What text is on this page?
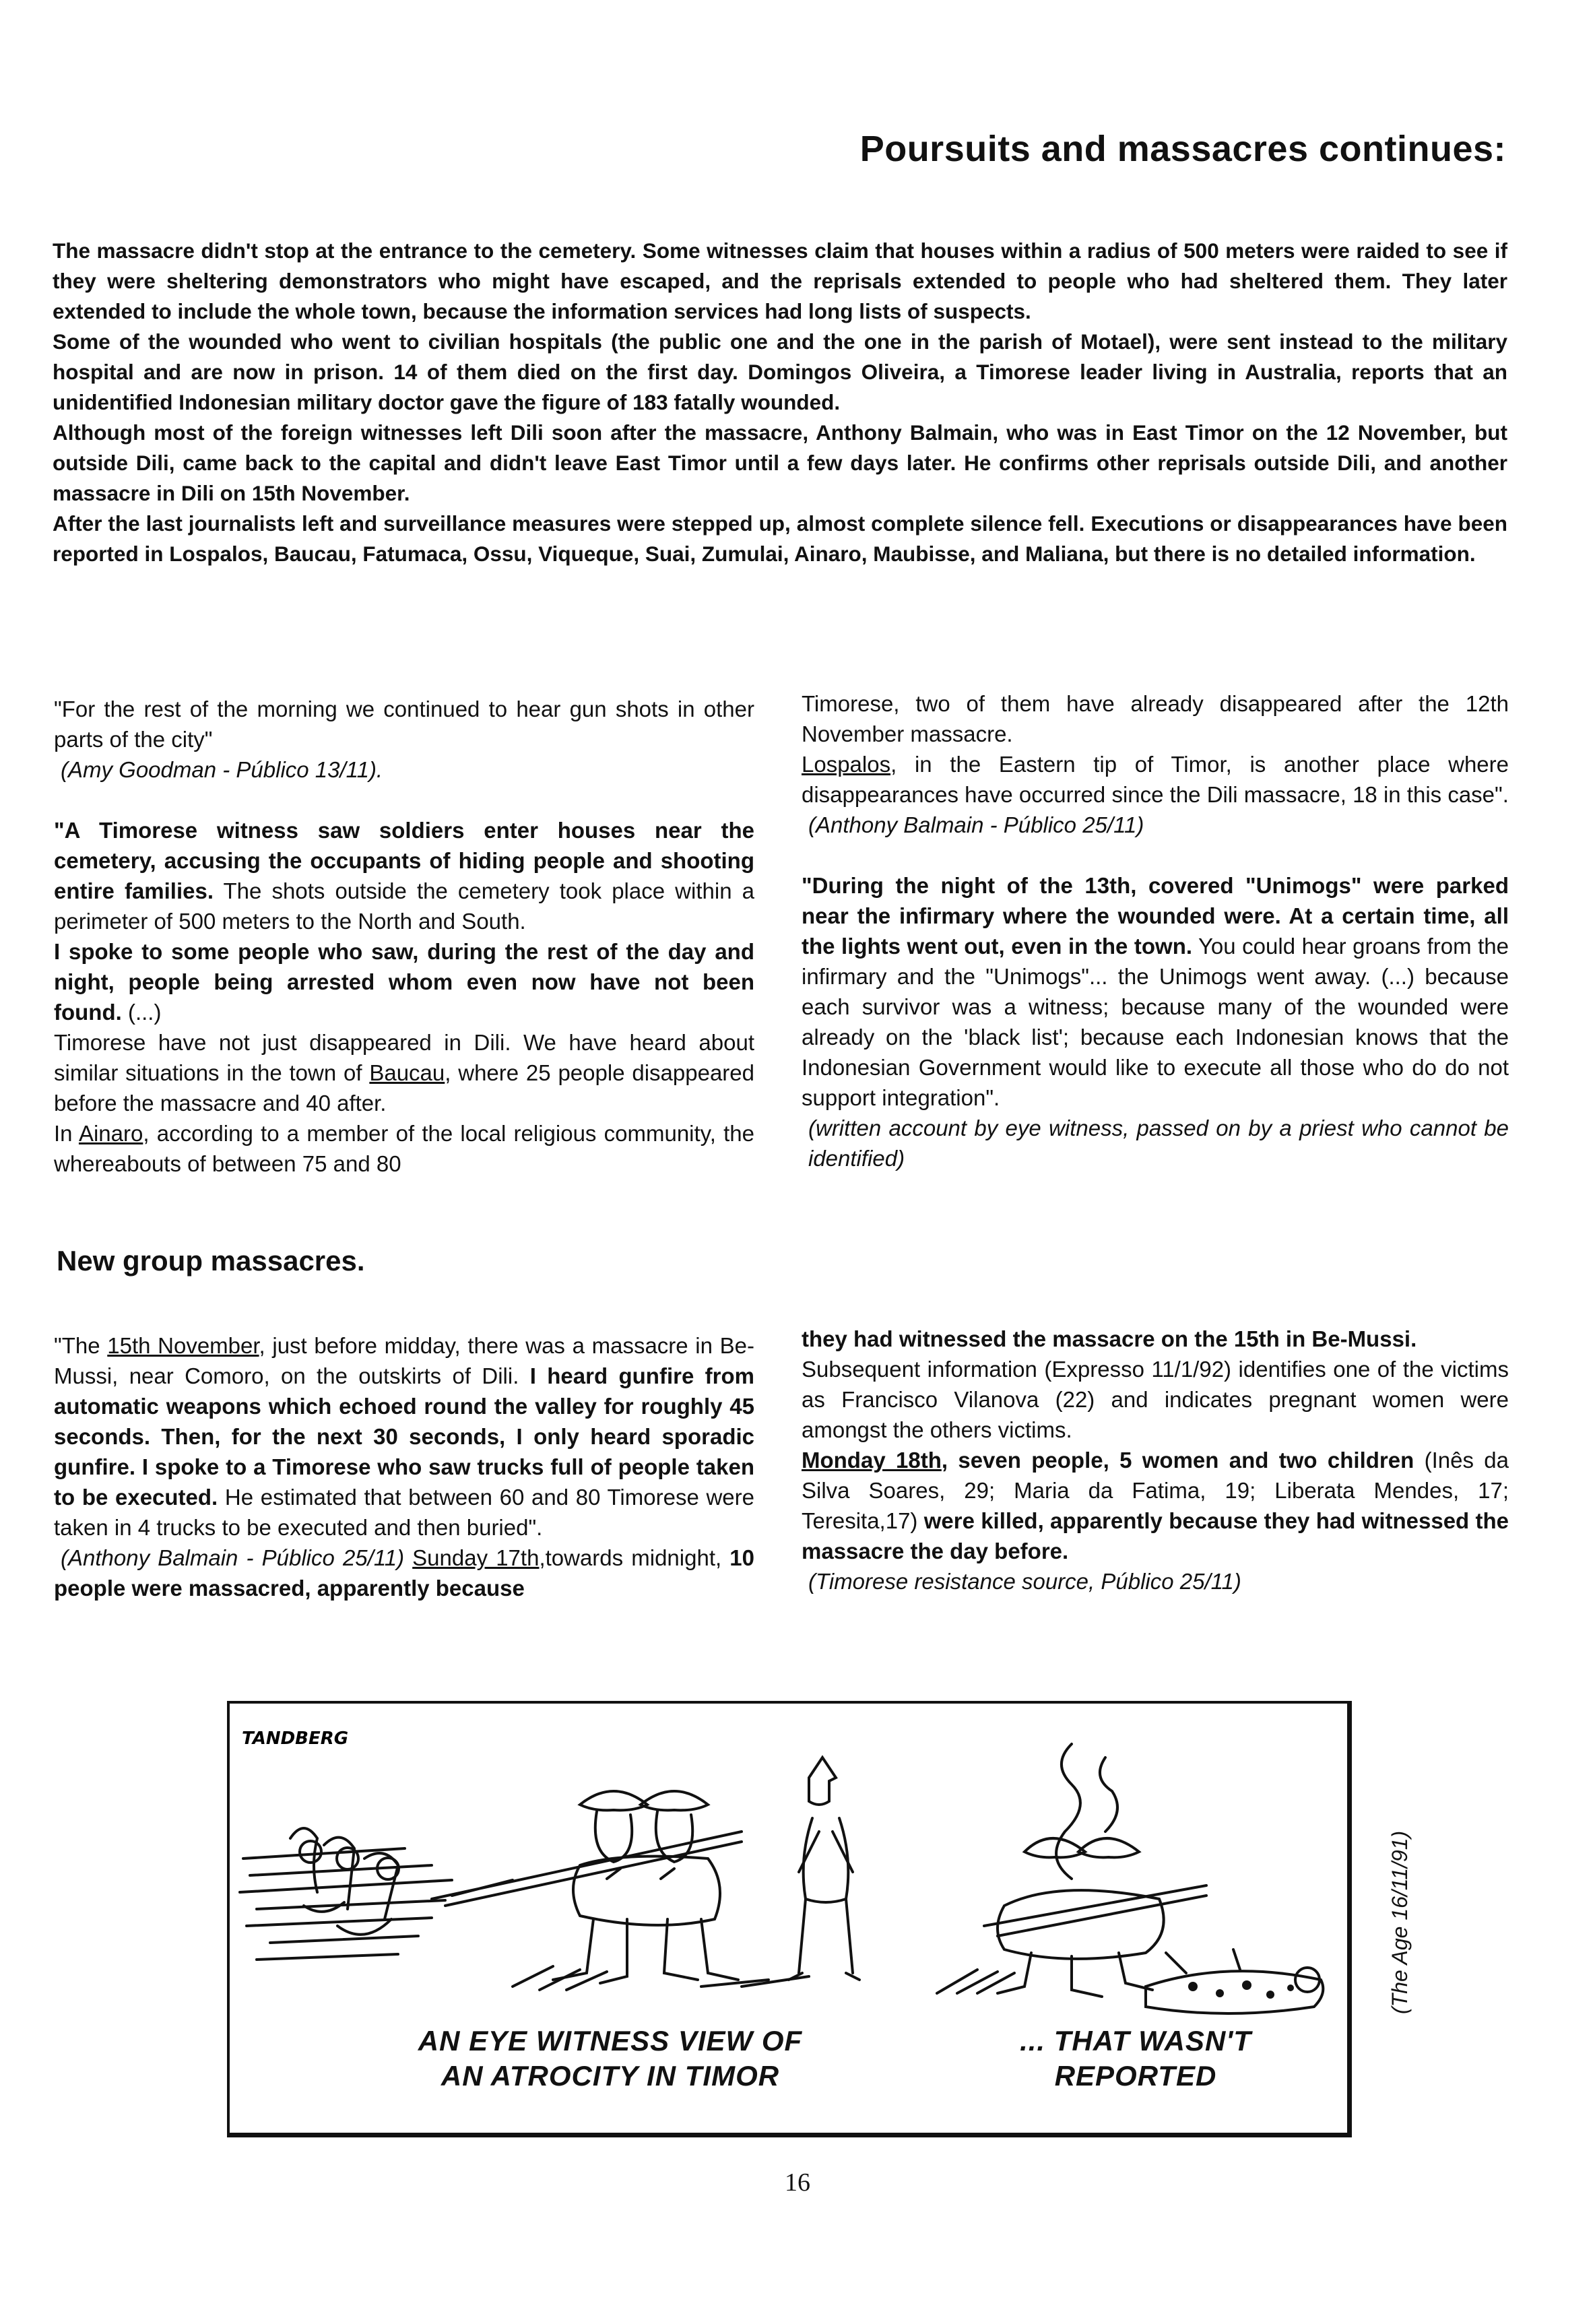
Poursuits and massacres continues:

The massacre didn't stop at the entrance to the cemetery. Some witnesses claim that houses within a radius of 500 meters were raided to see if they were sheltering demonstrators who might have escaped, and the reprisals extended to people who had sheltered them. They later extended to include the whole town, because the information services had long lists of suspects.

Some of the wounded who went to civilian hospitals (the public one and the one in the parish of Motael), were sent instead to the military hospital and are now in prison. 14 of them died on the first day. Domingos Oliveira, a Timorese leader living in Australia, reports that an unidentified Indonesian military doctor gave the figure of 183 fatally wounded.

Although most of the foreign witnesses left Dili soon after the massacre, Anthony Balmain, who was in East Timor on the 12 November, but outside Dili, came back to the capital and didn't leave East Timor until a few days later. He confirms other reprisals outside Dili, and another massacre in Dili on 15th November.

After the last journalists left and surveillance measures were stepped up, almost complete silence fell. Executions or disappearances have been reported in Lospalos, Baucau, Fatumaca, Ossu, Viqueque, Suai, Zumulai, Ainaro, Maubisse, and Maliana, but there is no detailed information.

"For the rest of the morning we continued to hear gun shots in other parts of the city"

(Amy Goodman - Público 13/11).

"A Timorese witness saw soldiers enter houses near the cemetery, accusing the occupants of hiding people and shooting entire families. The shots outside the cemetery took place within a perimeter of 500 meters to the North and South.

I spoke to some people who saw, during the rest of the day and night, people being arrested whom even now have not been found. (...)

Timorese have not just disappeared in Dili. We have heard about similar situations in the town of Baucau, where 25 people disappeared before the massacre and 40 after.

In Ainaro, according to a member of the local religious community, the whereabouts of between 75 and 80

Timorese, two of them have already disappeared after the 12th November massacre.

Lospalos, in the Eastern tip of Timor, is another place where disappearances have occurred since the Dili massacre, 18 in this case".

(Anthony Balmain - Público 25/11)

"During the night of the 13th, covered "Unimogs" were parked near the infirmary where the wounded were. At a certain time, all the lights went out, even in the town. You could hear groans from the infirmary and the "Unimogs"... the Unimogs went away. (...) because each survivor was a witness; because many of the wounded were already on the 'black list'; because each Indonesian knows that the Indonesian Government would like to execute all those who do do not support integration".

(written account by eye witness, passed on by a priest who cannot be identified)

New group massacres.

"The 15th November, just before midday, there was a massacre in Be-Mussi, near Comoro, on the outskirts of Dili. I heard gunfire from automatic weapons which echoed round the valley for roughly 45 seconds. Then, for the next 30 seconds, I only heard sporadic gunfire. I spoke to a Timorese who saw trucks full of people taken to be executed. He estimated that between 60 and 80 Timorese were taken in 4 trucks to be executed and then buried".

(Anthony Balmain - Público 25/11) Sunday 17th,towards midnight, 10 people were massacred, apparently because

they had witnessed the massacre on the 15th in Be-Mussi.

Subsequent information (Expresso 11/1/92) identifies one of the victims as Francisco Vilanova (22) and indicates pregnant women were amongst the others victims.

Monday 18th, seven people, 5 women and two children (Inês da Silva Soares, 29; Maria da Fatima, 19; Liberata Mendes, 17; Teresita,17) were killed, apparently because they had witnessed the massacre the day before.

(Timorese resistance source, Público 25/11)

TANDBERG
AN EYE WITNESS VIEW OF AN ATROCITY IN TIMOR
... THAT WASN'T REPORTED
(The Age 16/11/91)
16
